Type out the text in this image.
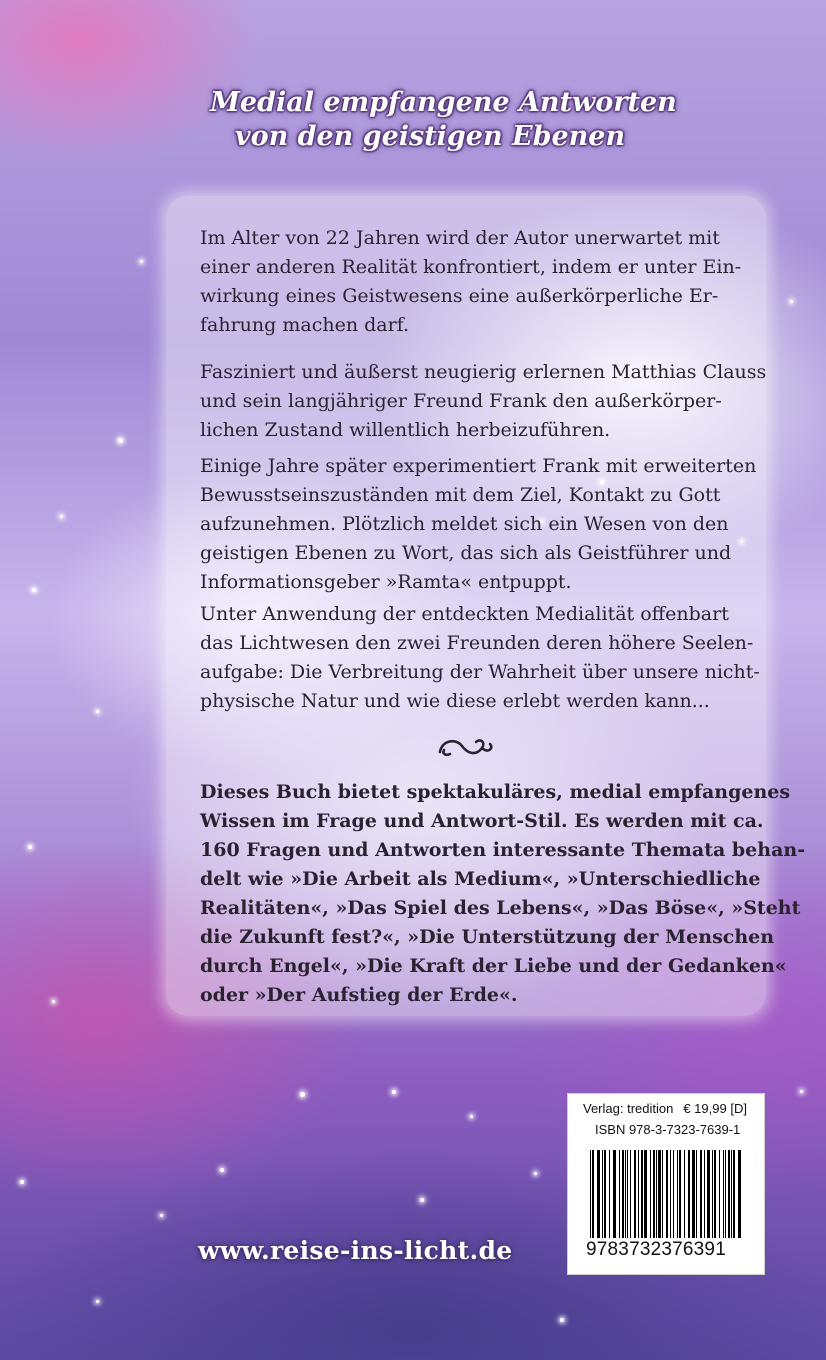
Medial empfangene Antworten
von den geistigen Ebenen
Im Alter von 22 Jahren wird der Autor unerwartet mit
einer anderen Realität konfrontiert, indem er unter Ein-
wirkung eines Geistwesens eine außerkörperliche Er-
fahrung machen darf.
Fasziniert und äußerst neugierig erlernen Matthias Clauss
und sein langjähriger Freund Frank den außerkörper-
lichen Zustand willentlich herbeizuführen.
Einige Jahre später experimentiert Frank mit erweiterten
Bewusstseinszuständen mit dem Ziel, Kontakt zu Gott
aufzunehmen. Plötzlich meldet sich ein Wesen von den
geistigen Ebenen zu Wort, das sich als Geistführer und
Informationsgeber »Ramta« entpuppt.
Unter Anwendung der entdeckten Medialität offenbart
das Lichtwesen den zwei Freunden deren höhere Seelen-
aufgabe: Die Verbreitung der Wahrheit über unsere nicht-
physische Natur und wie diese erlebt werden kann...
Dieses Buch bietet spektakuläres, medial empfangenes
Wissen im Frage und Antwort-Stil. Es werden mit ca.
160 Fragen und Antworten interessante Themata behan-
delt wie »Die Arbeit als Medium«, »Unterschiedliche
Realitäten«, »Das Spiel des Lebens«, »Das Böse«, »Steht
die Zukunft fest?«, »Die Unterstützung der Menschen
durch Engel«, »Die Kraft der Liebe und der Gedanken«
oder »Der Aufstieg der Erde«.
www.reise-ins-licht.de
Verlag: tredition € 19,99 [D]
ISBN 978-3-7323-7639-1
9783732376391
